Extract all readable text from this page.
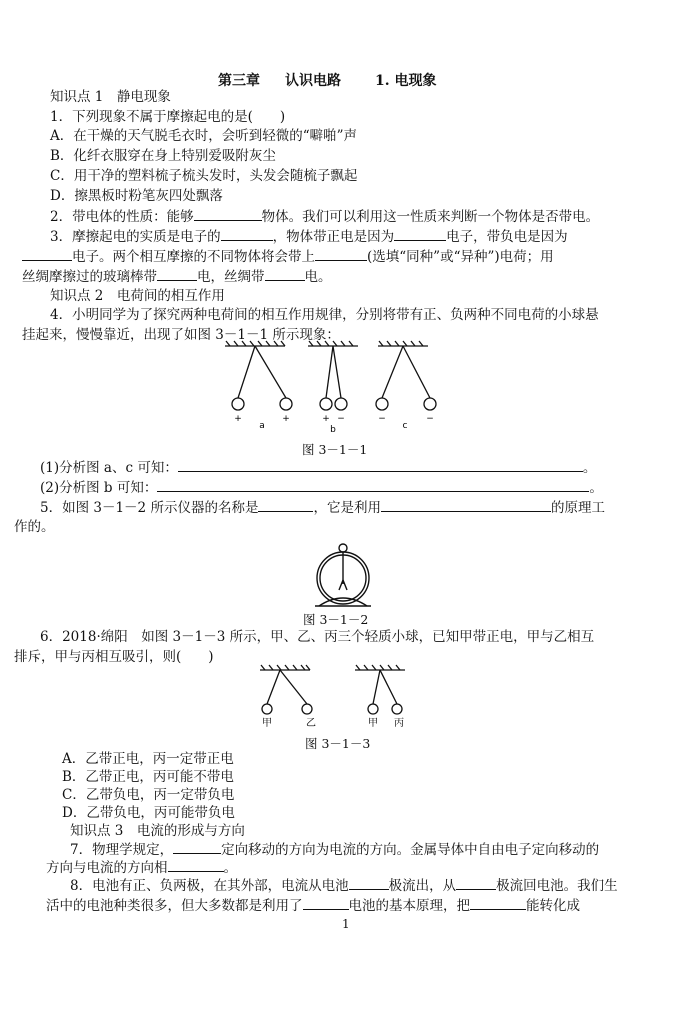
第三章 认识电路 1. 电现象
知识点 1　静电现象
1．下列现象不属于摩擦起电的是(　　)
A．在干燥的天气脱毛衣时，会听到轻微的“噼啪”声
B．化纤衣服穿在身上特别爱吸附灰尘
C．用干净的塑料梳子梳头发时，头发会随梳子飘起
D．擦黑板时粉笔灰四处飘落
2．带电体的性质：能够	物体。我们可以利用这一性质来判断一个物体是否带电。
3．摩擦起电的实质是电子的	，物体带正电是因为	电子，带负电是因为
电子。两个相互摩擦的不同物体将会带上	(选填“同种”或“异种”)电荷；用
丝绸摩擦过的玻璃棒带	电，丝绸带	电。
知识点 2　电荷间的相互作用
4．小明同学为了探究两种电荷间的相互作用规律，分别将带有正、负两种不同电荷的小球悬
挂起来，慢慢靠近，出现了如图 3－1－1 所示现象：
+	+	+ −	−	−
a	b	c
图 3－1－1
(1)分析图 a、c 可知：	。
(2)分析图 b 可知：	。
5．如图 3－1－2 所示仪器的名称是	，它是利用	的原理工
作的。
图 3－1－2
6．2018·绵阳　如图 3－1－3 所示，甲、乙、丙三个轻质小球，已知甲带正电，甲与乙相互
排斥，甲与丙相互吸引，则(　　)
甲	乙	甲 丙
图 3－1－3
A．乙带正电，丙一定带正电
B．乙带正电，丙可能不带电
C．乙带负电，丙一定带负电
D．乙带负电，丙可能带负电
知识点 3　电流的形成与方向
7．物理学规定，	定向移动的方向为电流的方向。金属导体中自由电子定向移动的
方向与电流的方向相	。
8．电池有正、负两极，在其外部，电流从电池	极流出，从	极流回电池。我们生
活中的电池种类很多，但大多数都是利用了	电池的基本原理，把	能转化成
1
